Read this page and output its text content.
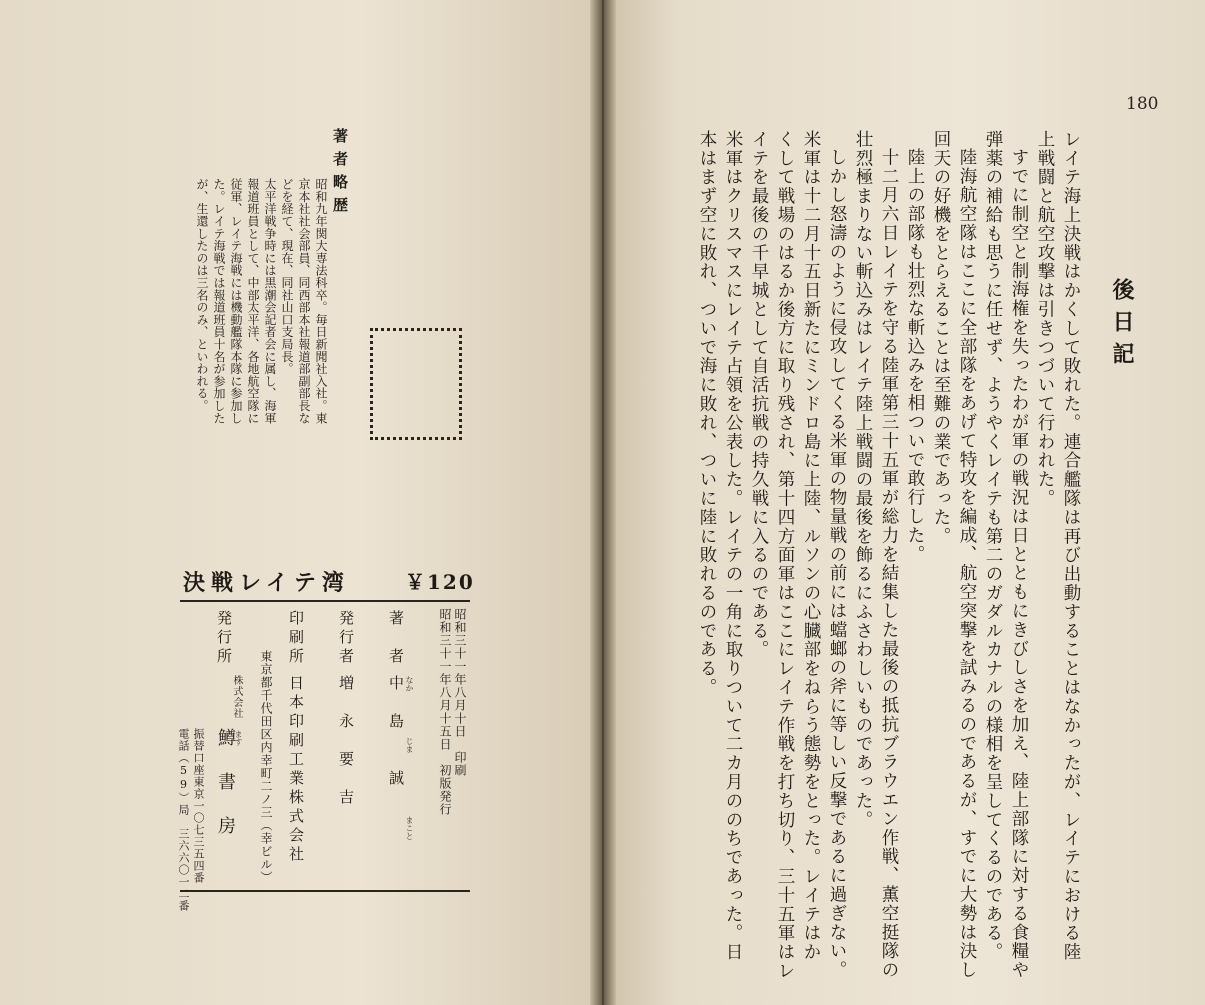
180
後日記
レイテ海上決戦はかくして敗れた。連合艦隊は再び出動することはなかったが、レイテにおける陸
上戦闘と航空攻撃は引きつづいて行われた。
すでに制空と制海権を失ったわが軍の戦況は日とともにきびしさを加え、陸上部隊に対する食糧や
弾薬の補給も思うに任せず、ようやくレイテも第二のガダルカナルの様相を呈してくるのである。
陸海航空隊はここに全部隊をあげて特攻を編成、航空突撃を試みるのであるが、すでに大勢は決し
回天の好機をとらえることは至難の業であった。
陸上の部隊も壮烈な斬込みを相ついで敢行した。
十二月六日レイテを守る陸軍第三十五軍が総力を結集した最後の抵抗ブラウエン作戦、薫空挺隊の
壮烈極まりない斬込みはレイテ陸上戦闘の最後を飾るにふさわしいものであった。
しかし怒濤のように侵攻してくる米軍の物量戦の前には蟷螂の斧に等しい反撃であるに過ぎない。
米軍は十二月十五日新たにミンドロ島に上陸、ルソンの心臓部をねらう態勢をとった。レイテはか
くして戦場のはるか後方に取り残され、第十四方面軍はここにレイテ作戦を打ち切り、三十五軍はレ
イテを最後の千早城として自活抗戦の持久戦に入るのである。
米軍はクリスマスにレイテ占領を公表した。レイテの一角に取りついて二カ月ののちであった。日
本はまず空に敗れ、ついで海に敗れ、ついに陸に敗れるのである。
著者略歴
昭和九年関大専法科卒。毎日新聞社入社。東
京本社社会部員、同西部本社報道部副部長な
どを経て、現在、同社山口支局長。
太平洋戦争時には黒潮会記者会に属し、海軍
報道班員として、中部太平洋、各地航空隊に
従軍、レイテ海戦には機動艦隊本隊に参加し
た。レイテ海戦では報道班員十名が参加した
が、生還したのは三名のみ、といわれる。
決戦レイテ湾	￥120
昭和三十一年八月十日　印刷
昭和三十一年八月十五日　初版発行
著　者
中　島　　誠 なか
じま
まこと
発行者
増　永　要　吉
印刷所
日本印刷工業株式会社
東京都千代田区内幸町二ノ三（幸ビル）
発行所
株式会社
鱒　書　房
ます
振替口座東京一〇七三五四番
電話（59）局　三六六〇一二番
